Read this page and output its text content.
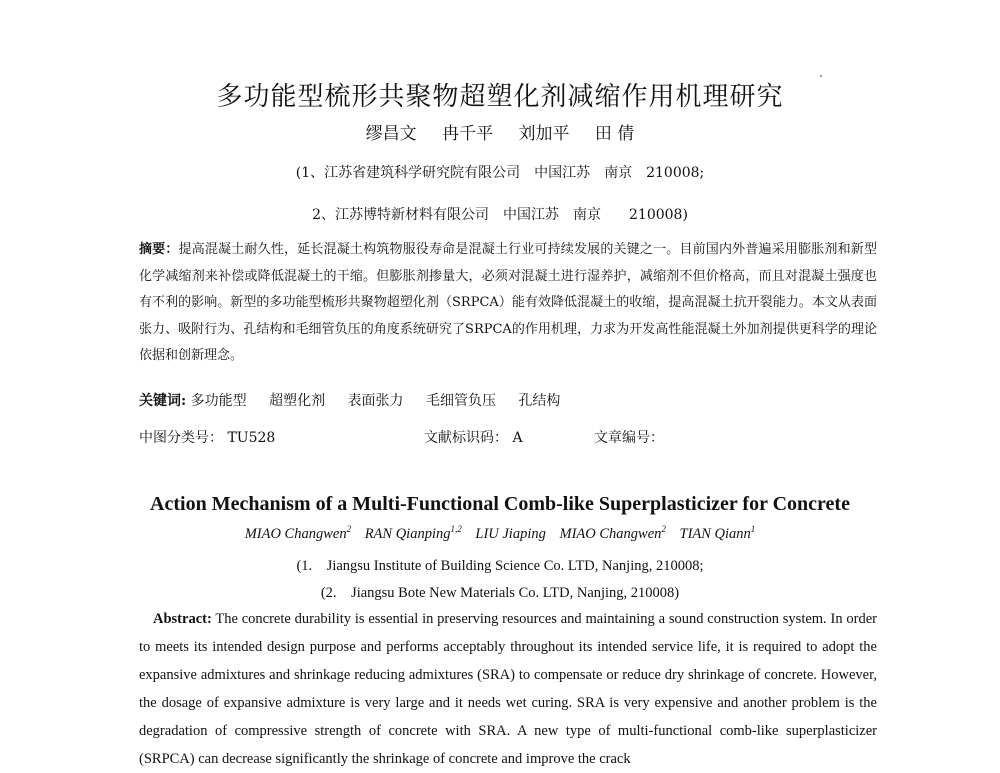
多功能型梳形共聚物超塑化剂减缩作用机理研究
缪昌文 冉千平 刘加平 田 倩
(1、江苏省建筑科学研究院有限公司　中国江苏　南京　210008;
2、江苏博特新材料有限公司　中国江苏　南京　　210008)
摘要：提高混凝土耐久性，延长混凝土构筑物服役寿命是混凝土行业可持续发展的关键之一。目前国内外普遍采用膨胀剂和新型化学减缩剂来补偿或降低混凝土的干缩。但膨胀剂掺量大，必须对混凝土进行湿养护，减缩剂不但价格高，而且对混凝土强度也有不利的影响。新型的多功能型梳形共聚物超塑化剂（SRPCA）能有效降低混凝土的收缩，提高混凝土抗开裂能力。本文从表面张力、吸附行为、孔结构和毛细管负压的角度系统研究了SRPCA的作用机理，力求为开发高性能混凝土外加剂提供更科学的理论依据和创新理念。
关键词: 多功能型 超塑化剂 表面张力 毛细管负压 孔结构
中图分类号： TU528	文献标识码： A	文章编号：
Action Mechanism of a Multi-Functional Comb-like Superplasticizer for Concrete
MIAO Changwen$^2$ RAN Qianping$^{1,2}$ LIU Jiaping MIAO Changwen$^2$ TIAN Qiann$^1$
(1.　Jiangsu Institute of Building Science Co. LTD, Nanjing, 210008;
(2.　Jiangsu Bote New Materials Co. LTD, Nanjing, 210008)
Abstract: The concrete durability is essential in preserving resources and maintaining a sound construction system. In order to meets its intended design purpose and performs acceptably throughout its intended service life, it is required to adopt the expansive admixtures and shrinkage reducing admixtures (SRA) to compensate or reduce dry shrinkage of concrete. However, the dosage of expansive admixture is very large and it needs wet curing. SRA is very expensive and another problem is the degradation of compressive strength of concrete with SRA. A new type of multi-functional comb-like superplasticizer (SRPCA) can decrease significantly the shrinkage of concrete and improve the crack
